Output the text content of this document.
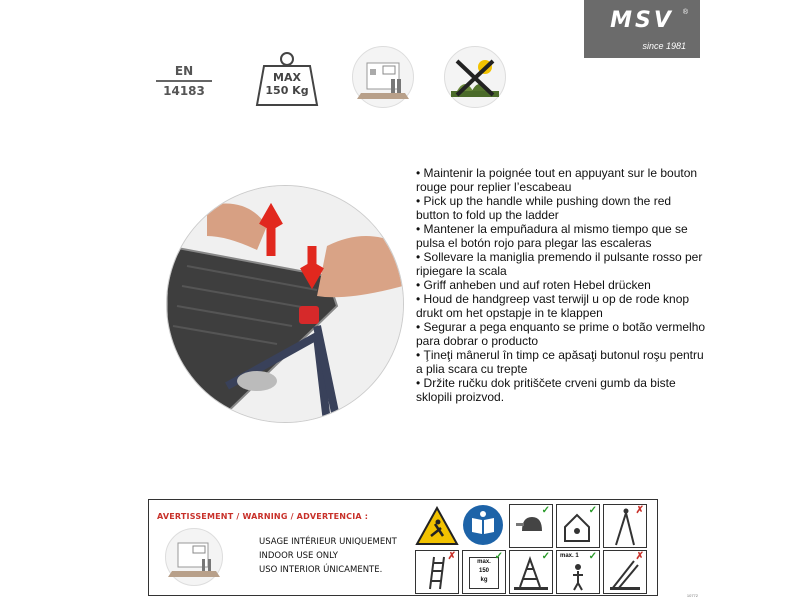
MSV	®
since 1981
EN
14183
MAX
150 Kg
• Maintenir la poignée tout en appuyant sur le bouton rouge pour replier l’escabeau
• Pick up the handle while pushing down the red button to fold up the ladder
• Mantener la empuñadura al mismo tiempo que se pulsa el botón rojo para plegar las escaleras
• Sollevare la maniglia premendo il pulsante rosso per ripiegare la scala
• Griff anheben und auf roten Hebel drücken
• Houd de handgreep vast terwijl u op de rode knop drukt om het opstapje in te klappen
• Segurar a pega enquanto se prime o botão vermelho para dobrar o producto
• Ţineţi mânerul în timp ce apăsaţi butonul roşu pentru a plia scara cu trepte
• Držite ručku dok pritiščete crveni gumb da biste sklopili proizvod.
AVERTISSEMENT / WARNING / ADVERTENCIA :
USAGE INTÉRIEUR UNIQUEMENT
INDOOR USE ONLY
USO INTERIOR ÚNICAMENTE.
✓	✓	✗
✗	max.
150
kg
✓	✓ max. 1 ✓	✗
10772
